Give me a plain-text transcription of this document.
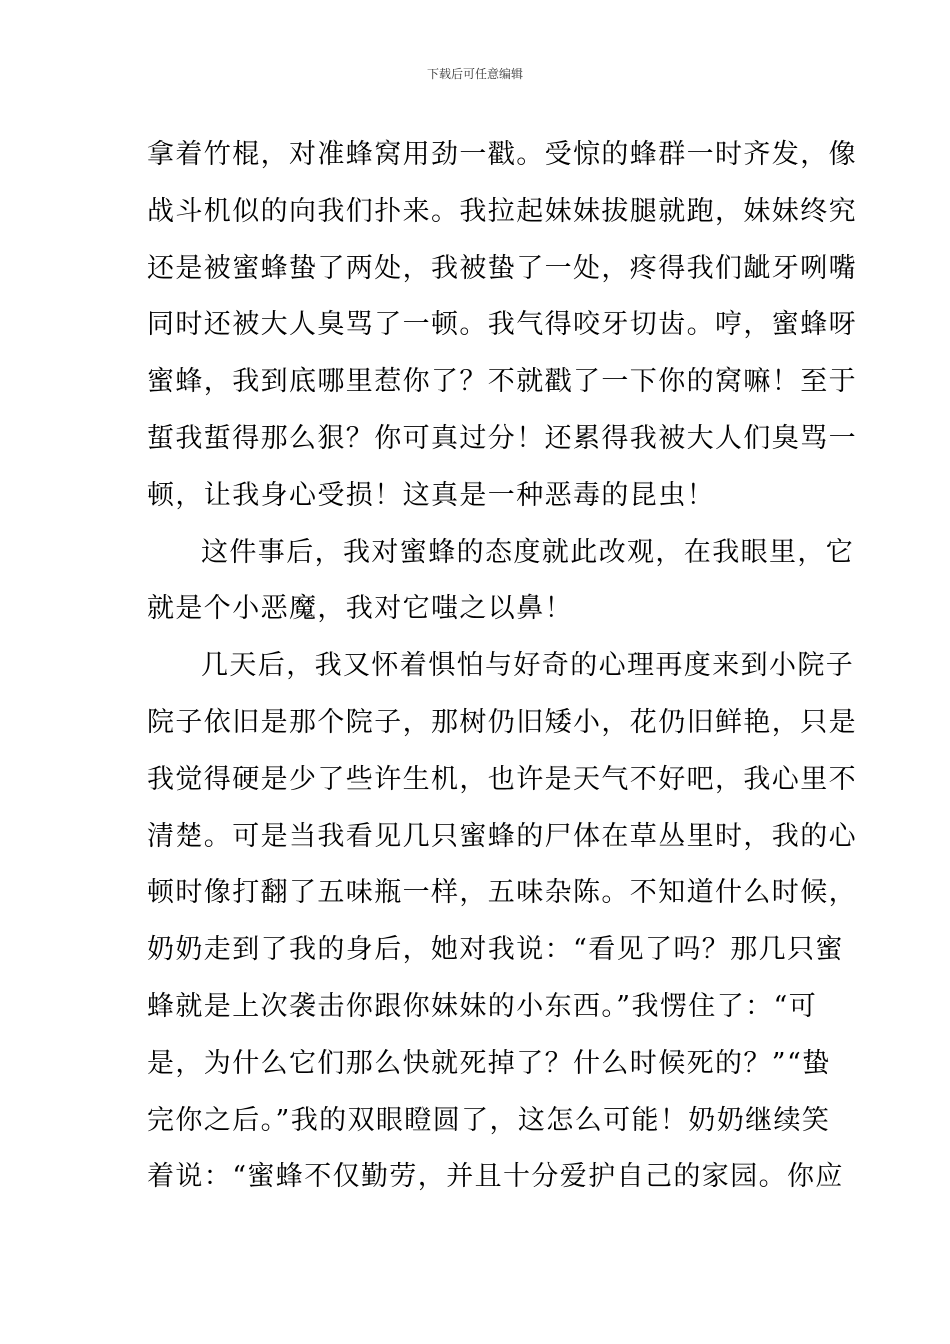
下载后可任意编辑
拿着竹棍，对准蜂窝用劲一戳。受惊的蜂群一时齐发，像
战斗机似的向我们扑来。我拉起妹妹拔腿就跑，妹妹终究
还是被蜜蜂蛰了两处，我被蛰了一处，疼得我们龇牙咧嘴
同时还被大人臭骂了一顿。我气得咬牙切齿。哼，蜜蜂呀
蜜蜂，我到底哪里惹你了？不就戳了一下你的窝嘛！至于
蜇我蜇得那么狠？你可真过分！还累得我被大人们臭骂一
顿，让我身心受损！这真是一种恶毒的昆虫！
这件事后，我对蜜蜂的态度就此改观，在我眼里，它
就是个小恶魔，我对它嗤之以鼻！
几天后，我又怀着惧怕与好奇的心理再度来到小院子
院子依旧是那个院子，那树仍旧矮小，花仍旧鲜艳，只是
我觉得硬是少了些许生机，也许是天气不好吧，我心里不
清楚。可是当我看见几只蜜蜂的尸体在草丛里时，我的心
顿时像打翻了五味瓶一样，五味杂陈。不知道什么时候，
奶奶走到了我的身后，她对我说：“看见了吗？那几只蜜
蜂就是上次袭击你跟你妹妹的小东西。”我愣住了：“可
是，为什么它们那么快就死掉了？什么时候死的？”“蛰
完你之后。”我的双眼瞪圆了，这怎么可能！奶奶继续笑
着说：“蜜蜂不仅勤劳，并且十分爱护自己的家园。你应
